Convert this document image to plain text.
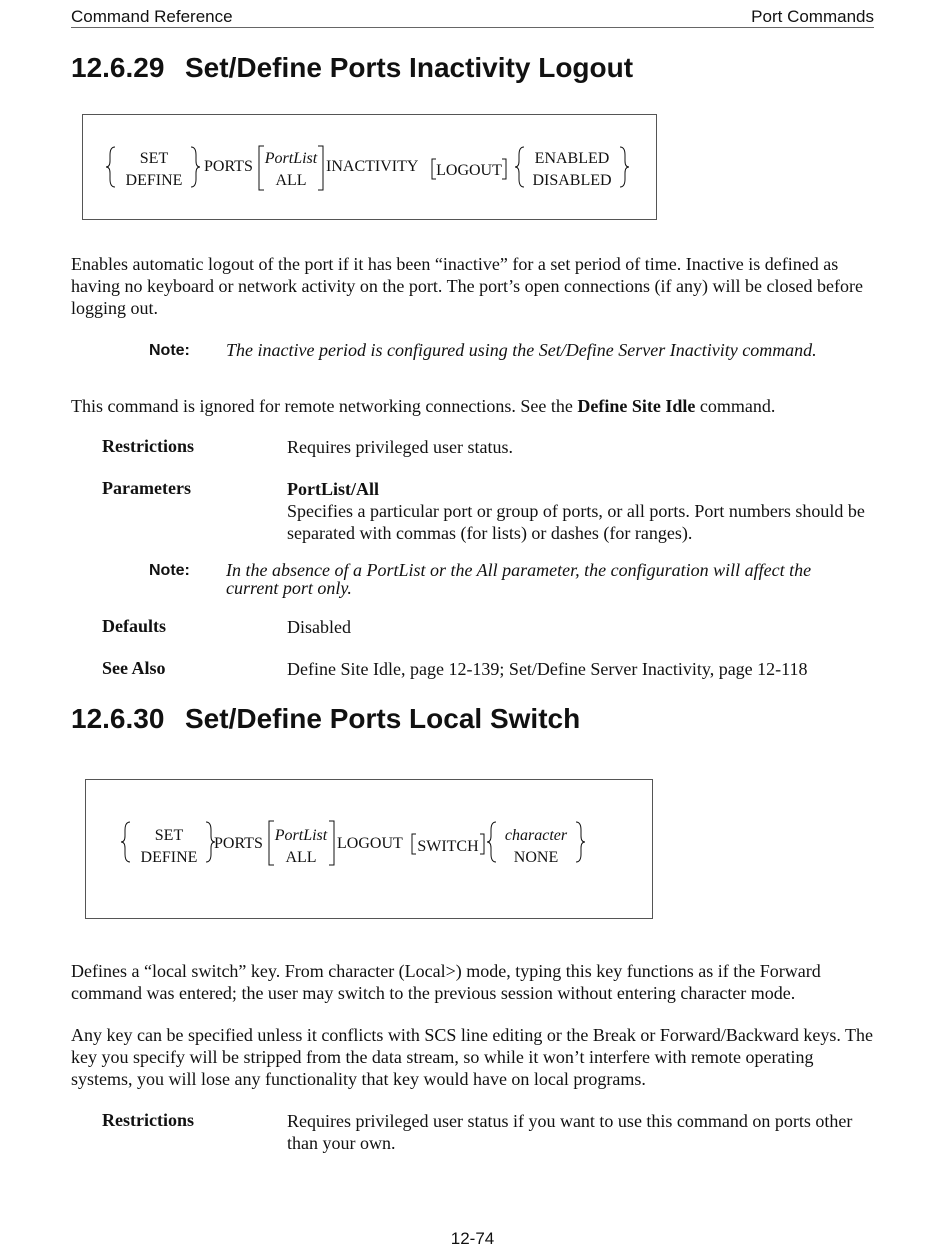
Command Reference	Port Commands
12.6.29 Set/Define Ports Inactivity Logout
SET
DEFINE
PORTS PortList
ALL
INACTIVITY LOGOUT
ENABLED
DISABLED

Enables automatic logout of the port if it has been “inactive” for a set period of time. Inactive is defined as having no keyboard or network activity on the port. The port’s open connections (if any) will be closed before logging out.

Note: The inactive period is configured using the Set/Define Server Inactivity command.

This command is ignored for remote networking connections. See the Define Site Idle command.

Restrictions	Requires privileged user status.

Parameters	PortList/All
Specifies a particular port or group of ports, or all ports. Port numbers should be separated with commas (for lists) or dashes (for ranges).
Note: In the absence of a PortList or the All parameter, the configuration will affect the current port only.

Defaults	Disabled

See Also	Define Site Idle, page 12-139; Set/Define Server Inactivity, page 12-118

12.6.30 Set/Define Ports Local Switch
SET
DEFINE
PORTS PortList
ALL
LOGOUT SWITCH
character
NONE

Defines a “local switch” key. From character (Local>) mode, typing this key functions as if the Forward command was entered; the user may switch to the previous session without entering character mode.

Any key can be specified unless it conflicts with SCS line editing or the Break or Forward/Backward keys. The key you specify will be stripped from the data stream, so while it won’t interfere with remote operating systems, you will lose any functionality that key would have on local programs.

Restrictions	Requires privileged user status if you want to use this command on ports other than your own.

12-74
